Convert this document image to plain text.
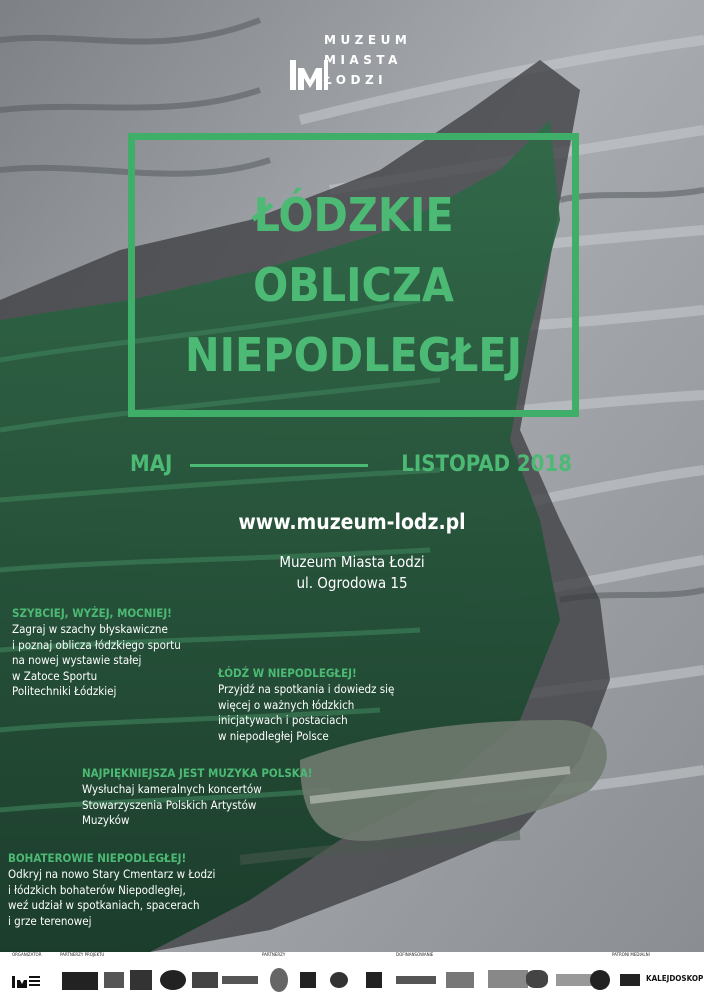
MUZEUM
MIASTA
ŁODZI
ŁÓDZKIE
OBLICZA
NIEPODLEGŁEJ
MAJ	LISTOPAD 2018
www.muzeum-lodz.pl
Muzeum Miasta Łodzi
ul. Ogrodowa 15
SZYBCIEJ, WYŻEJ, MOCNIEJ!
Zagraj w szachy błyskawiczne
i poznaj oblicza łódzkiego sportu
na nowej wystawie stałej
w Zatoce Sportu
Politechniki Łódzkiej
ŁÓDŹ W NIEPODLEGŁEJ!
Przyjdź na spotkania i dowiedz się
więcej o ważnych łódzkich
inicjatywach i postaciach
w niepodległej Polsce
NAJPIĘKNIEJSZA JEST MUZYKA POLSKA!
Wysłuchaj kameralnych koncertów
Stowarzyszenia Polskich Artystów
Muzyków
BOHATEROWIE NIEPODLEGŁEJ!
Odkryj na nowo Stary Cmentarz w Łodzi
i łódzkich bohaterów Niepodległej,
weź udział w spotkaniach, spacerach
i grze terenowej
ORGANIZATOR	PARTNERZY PROJEKTU	PARTNERZY	DOFINANSOWANIE	PATRONI MEDIALNI
KALEJDOSKOP
